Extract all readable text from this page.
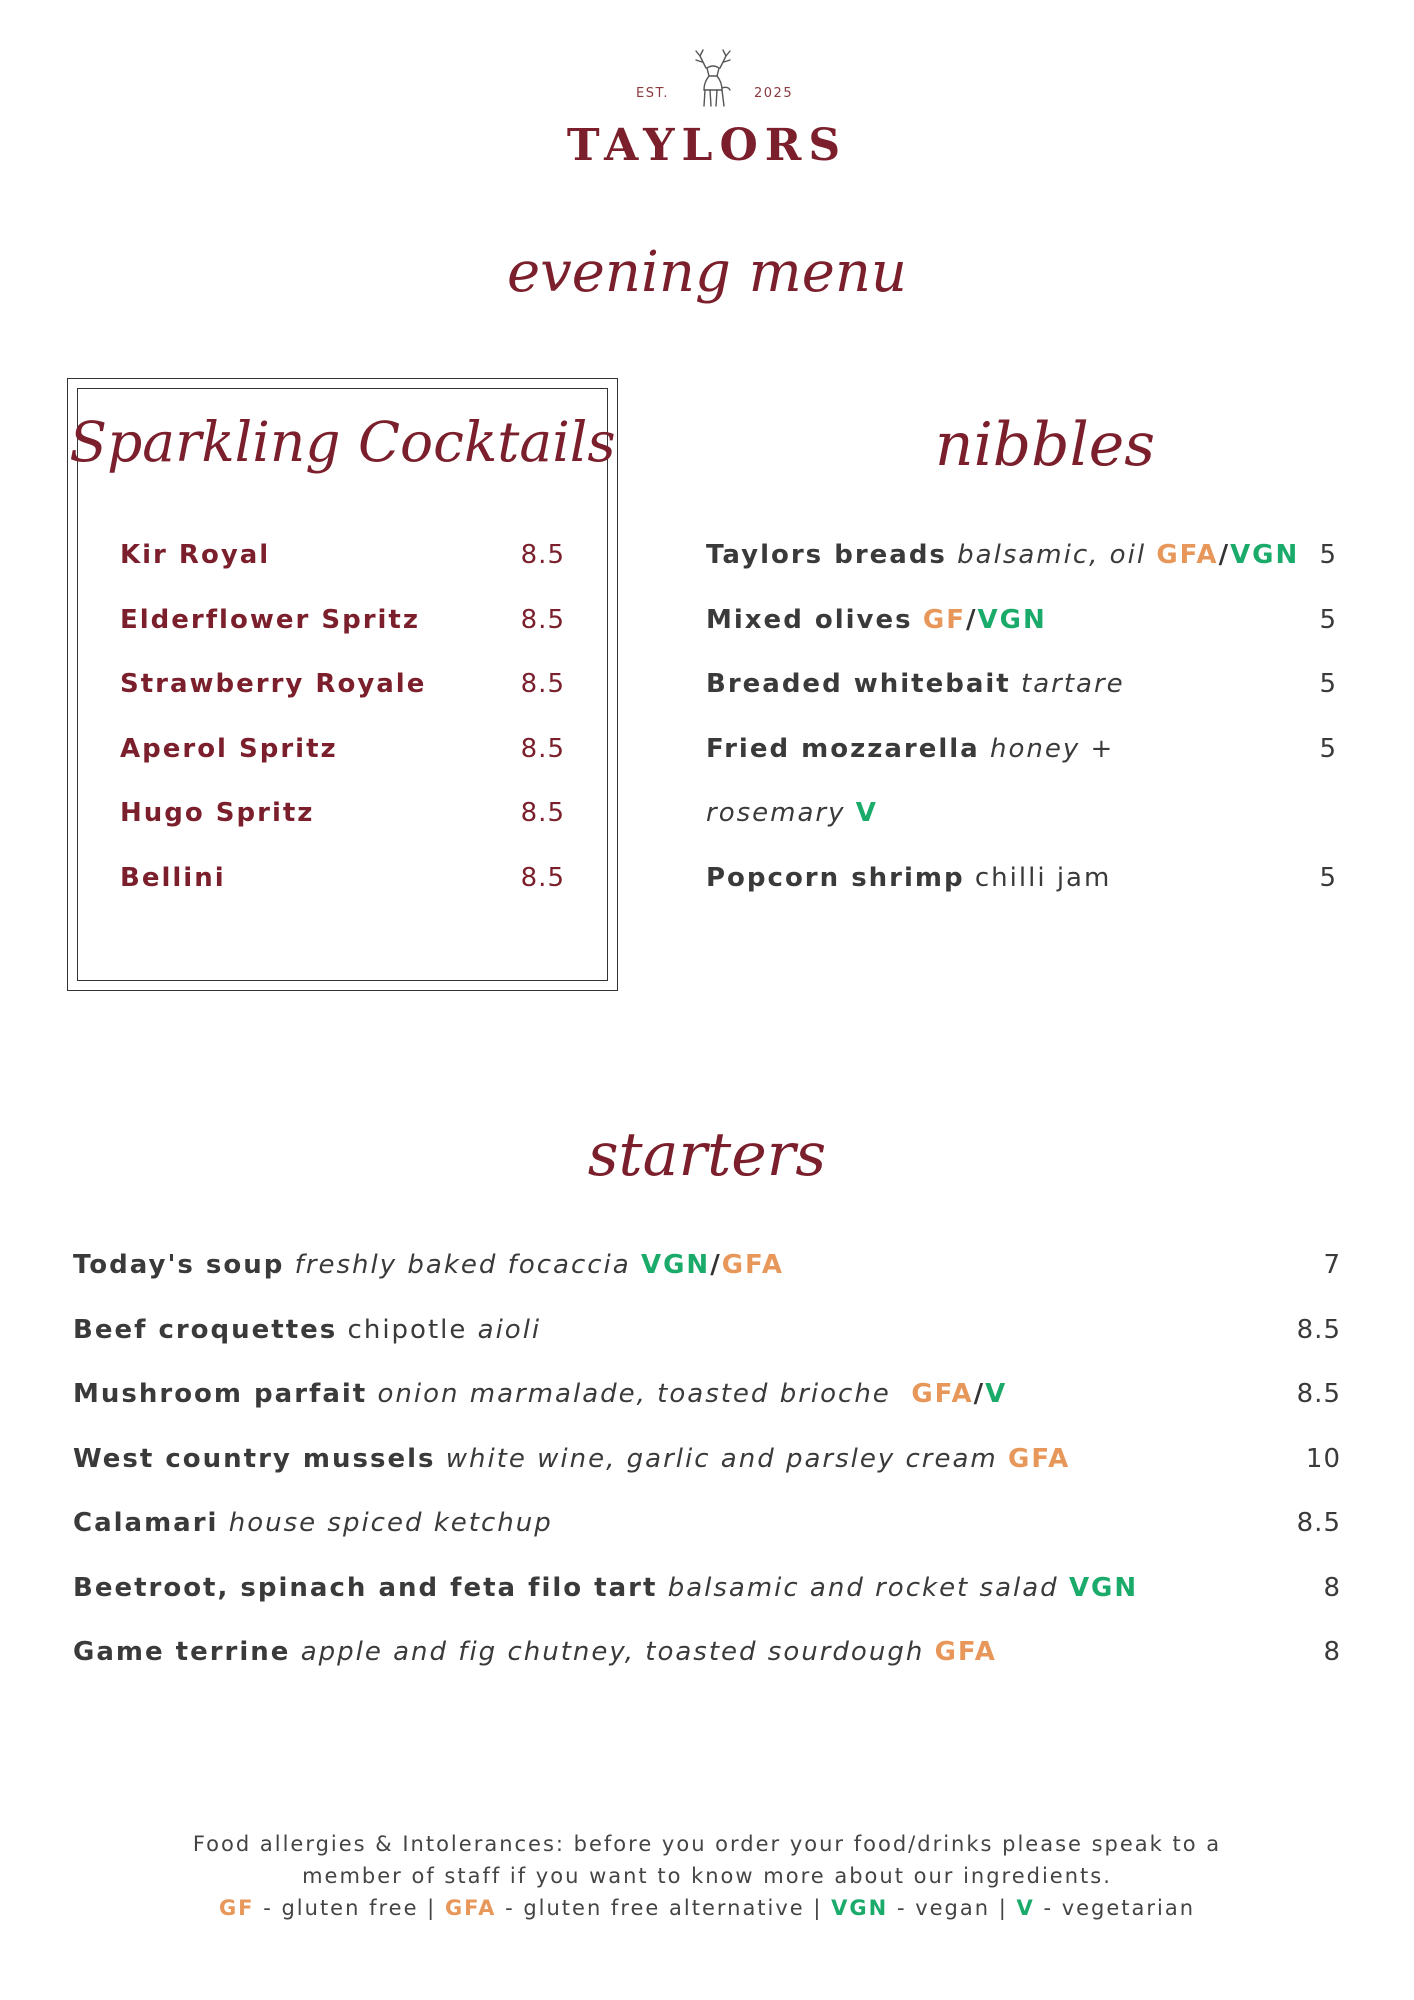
EST.	2025
TAYLORS
evening menu
Sparkling Cocktails
Kir Royal	8.5
Elderflower Spritz	8.5
Strawberry Royale	8.5
Aperol Spritz	8.5
Hugo Spritz	8.5
Bellini	8.5
nibbles
Taylors breads balsamic, oil GFA/VGN 5
Mixed olives GF/VGN	5
Breaded whitebait tartare	5
Fried mozzarella honey +	5
rosemary V
Popcorn shrimp chilli jam	5
starters
Today's soup freshly baked focaccia VGN/GFA	7
Beef croquettes chipotle aioli	8.5
Mushroom parfait onion marmalade, toasted brioche GFA/V	8.5
West country mussels white wine, garlic and parsley cream GFA	10
Calamari house spiced ketchup	8.5
Beetroot, spinach and feta filo tart balsamic and rocket salad VGN	8
Game terrine apple and fig chutney, toasted sourdough GFA	8

Food allergies & Intolerances: before you order your food/drinks please speak to a

member of staff if you want to know more about our ingredients.

GF - gluten free | GFA - gluten free alternative | VGN - vegan | V - vegetarian
